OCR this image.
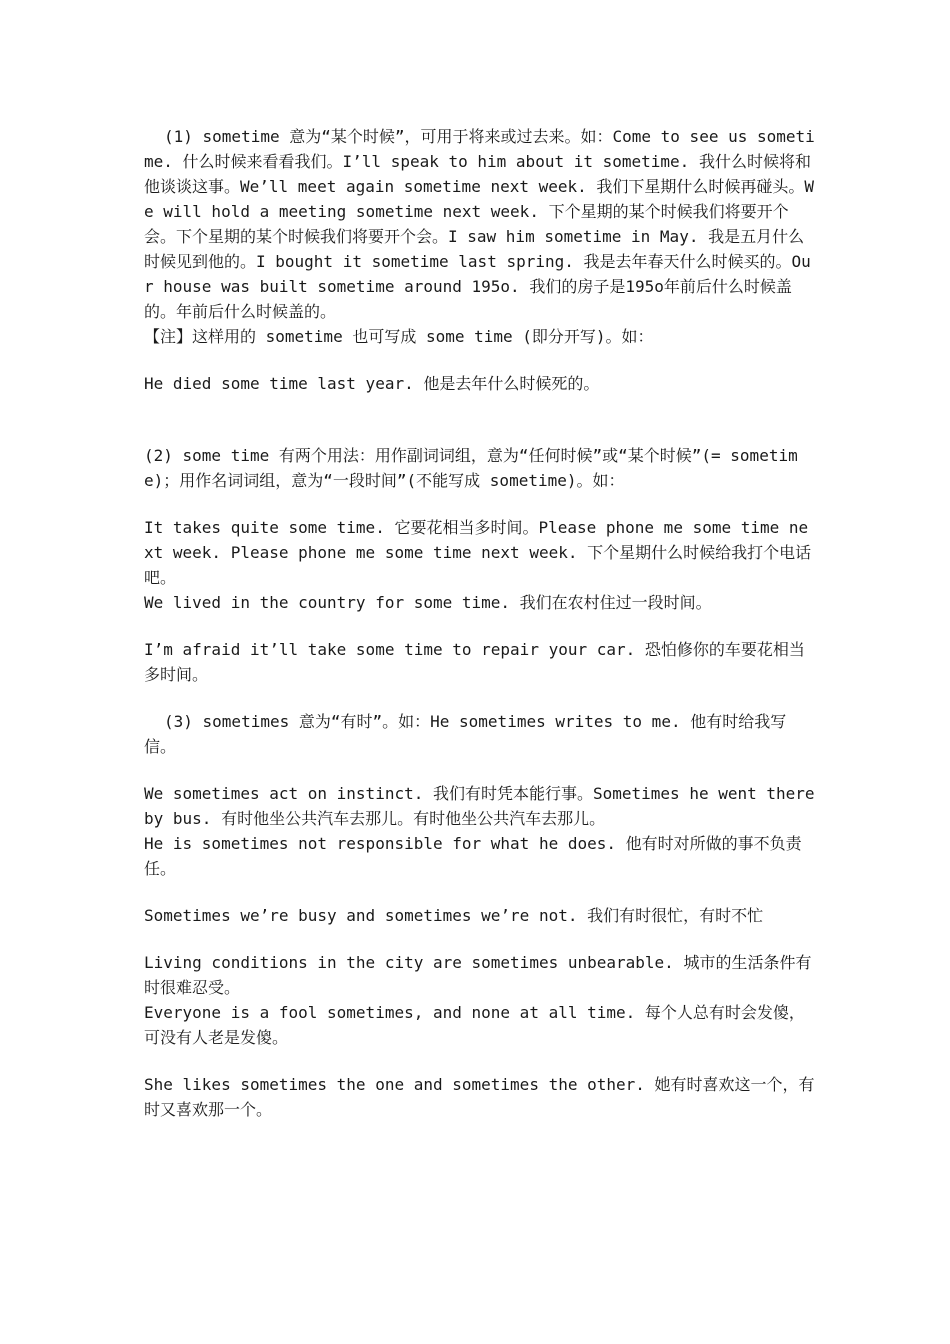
(1) sometime 意为“某个时候”，可用于将来或过去来。如：Come to see us sometime. 什么时候来看看我们。I’ll speak to him about it sometime. 我什么时候将和他谈谈这事。We’ll meet again sometime next week. 我们下星期什么时候再碰头。We will hold a meeting sometime next week. 下个星期的某个时候我们将要开个会。下个星期的某个时候我们将要开个会。I saw him sometime in May. 我是五月什么时候见到他的。I bought it sometime last spring. 我是去年春天什么时候买的。Our house was built sometime around 195o. 我们的房子是195o年前后什么时候盖的。年前后什么时候盖的。

【注】这样用的 sometime 也可写成 some time (即分开写)。如：

He died some time last year. 他是去年什么时候死的。

(2) some time 有两个用法：用作副词词组，意为“任何时候”或“某个时候”(= sometime)；用作名词词组，意为“一段时间”(不能写成 sometime)。如：

It takes quite some time. 它要花相当多时间。Please phone me some time next week. Please phone me some time next week. 下个星期什么时候给我打个电话吧。

We lived in the country for some time. 我们在农村住过一段时间。

I’m afraid it’ll take some time to repair your car. 恐怕修你的车要花相当多时间。

(3) sometimes 意为“有时”。如：He sometimes writes to me. 他有时给我写信。

We sometimes act on instinct. 我们有时凭本能行事。Sometimes he went there by bus. 有时他坐公共汽车去那儿。有时他坐公共汽车去那儿。

He is sometimes not responsible for what he does. 他有时对所做的事不负责任。

Sometimes we’re busy and sometimes we’re not. 我们有时很忙，有时不忙

Living conditions in the city are sometimes unbearable. 城市的生活条件有时很难忍受。

Everyone is a fool sometimes, and none at all time. 每个人总有时会发傻，可没有人老是发傻。

She likes sometimes the one and sometimes the other. 她有时喜欢这一个，有时又喜欢那一个。
